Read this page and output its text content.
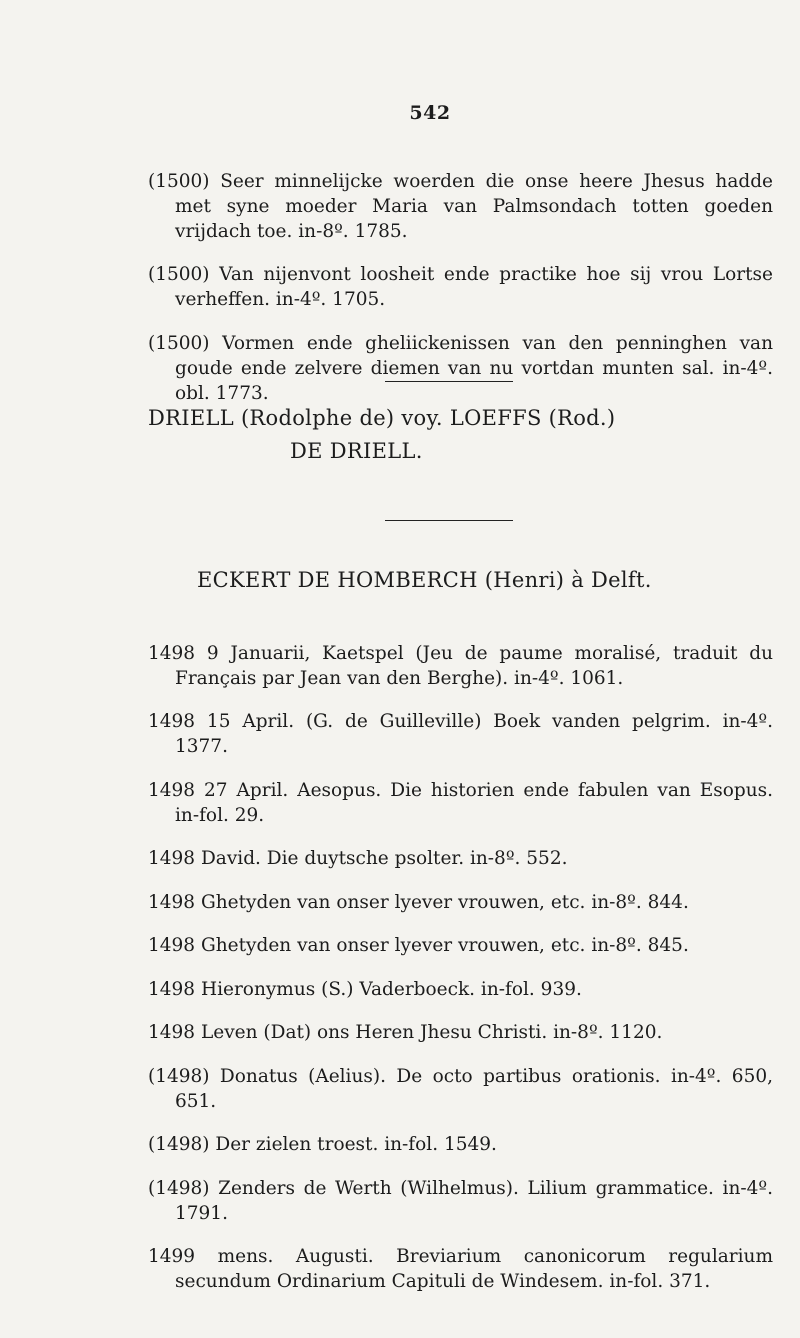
542

(1500) Seer minnelijcke woerden die onse heere Jhesus hadde met syne moeder Maria van Palmsondach totten goeden vrijdach toe. in-8º. 1785.

(1500) Van nijenvont loosheit ende practike hoe sij vrou Lortse verheffen. in-4º. 1705.

(1500) Vormen ende gheliickenissen van den penninghen van goude ende zelvere diemen van nu vortdan munten sal. in-4º. obl. 1773.

DRIELL (Rodolphe de) voy. LOEFFS (Rod.)
DE DRIELL.
ECKERT DE HOMBERCH (Henri) à Delft.

1498 9 Januarii, Kaetspel (Jeu de paume moralisé, traduit du Français par Jean van den Berghe). in-4º. 1061.

1498 15 April. (G. de Guilleville) Boek vanden pelgrim. in-4º. 1377.

1498 27 April. Aesopus. Die historien ende fabulen van Esopus. in-fol. 29.

1498 David. Die duytsche psolter. in-8º. 552.

1498 Ghetyden van onser lyever vrouwen, etc. in-8º. 844.

1498 Ghetyden van onser lyever vrouwen, etc. in-8º. 845.

1498 Hieronymus (S.) Vaderboeck. in-fol. 939.

1498 Leven (Dat) ons Heren Jhesu Christi. in-8º. 1120.

(1498) Donatus (Aelius). De octo partibus orationis. in-4º. 650, 651.

(1498) Der zielen troest. in-fol. 1549.

(1498) Zenders de Werth (Wilhelmus). Lilium grammatice. in-4º. 1791.

1499 mens. Augusti. Breviarium canonicorum regularium secundum Ordinarium Capituli de Windesem. in-fol. 371.
